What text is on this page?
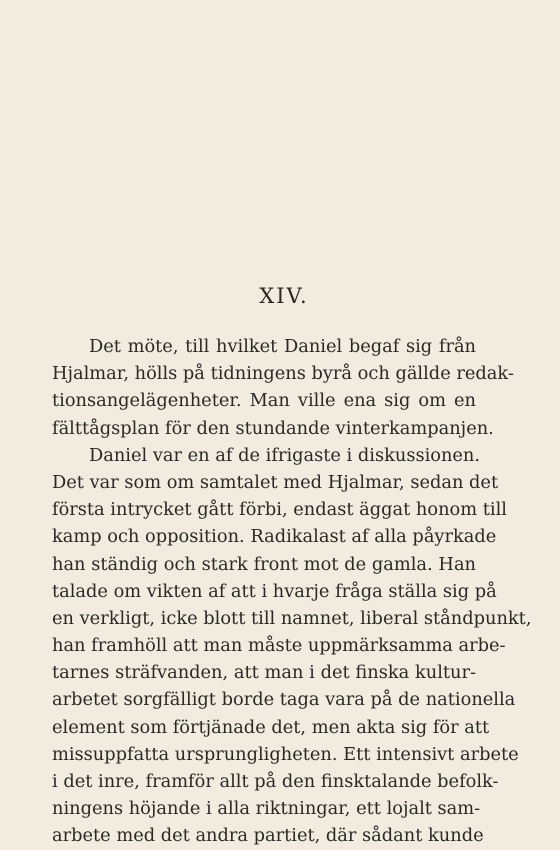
XIV.
Det möte, till hvilket Daniel begaf sig från
Hjalmar, hölls på tidningens byrå och gällde redak-
tionsangelägenheter. Man ville ena sig om en
fälttågsplan för den stundande vinterkampanjen.
Daniel var en af de ifrigaste i diskussionen.
Det var som om samtalet med Hjalmar, sedan det
första intrycket gått förbi, endast äggat honom till
kamp och opposition. Radikalast af alla påyrkade
han ständig och stark front mot de gamla. Han
talade om vikten af att i hvarje fråga ställa sig på
en verkligt, icke blott till namnet, liberal ståndpunkt,
han framhöll att man måste uppmärksamma arbe-
tarnes sträfvanden, att man i det finska kultur-
arbetet sorgfälligt borde taga vara på de nationella
element som förtjänade det, men akta sig för att
missuppfatta ursprungligheten. Ett intensivt arbete
i det inre, framför allt på den finsktalande befolk-
ningens höjande i alla riktningar, ett lojalt sam-
arbete med det andra partiet, där sådant kunde
